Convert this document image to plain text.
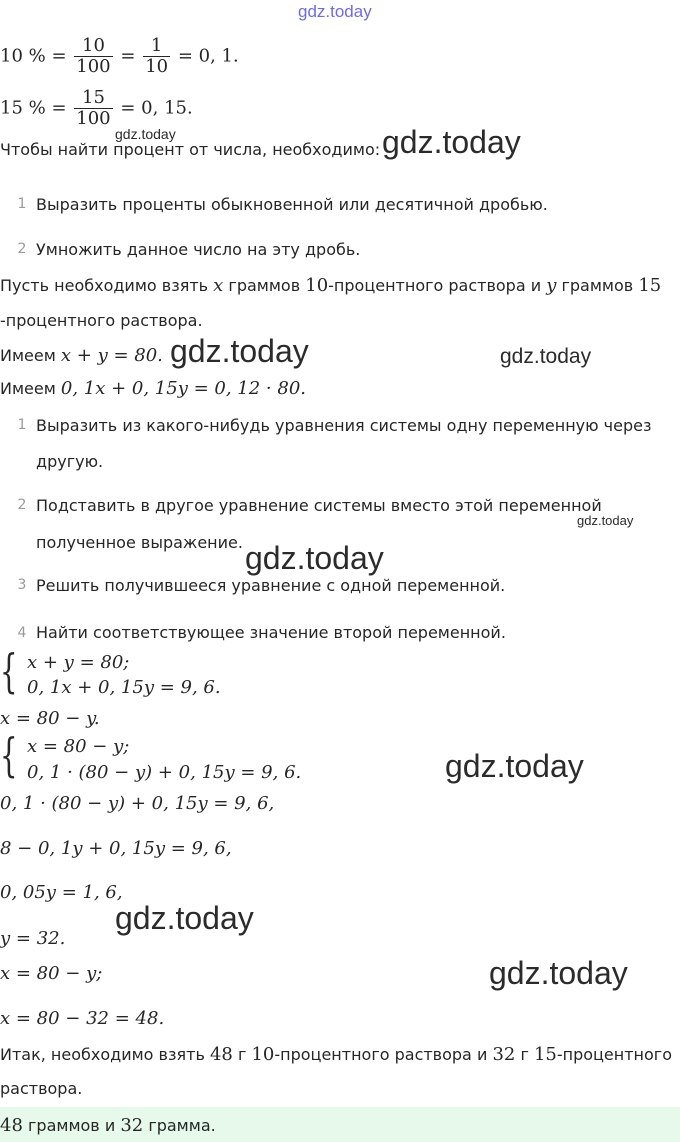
gdz.today
10 % = $\frac{10}{100} = \frac{1}{10} = 0$, 1.
15 % = $\frac{15}{100} = 0$, 15.
gdz.today
Чтобы найти процент от числа, необходимо: gdz.today
1 Выразить проценты обыкновенной или десятичной дробью.
2 Умножить данное число на эту дробь.
Пусть необходимо взять x граммов 10-процентного раствора и y граммов 15
-процентного раствора.
Имеем x + y = 80. gdz.today	gdz.today
Имеем 0, 1x + 0, 15y = 0, 12 · 80.
1 Выразить из какого-нибудь уравнения системы одну переменную через
другую.
2 Подставить в другое уравнение системы вместо этой переменной
gdz.today
полученное выражение. gdz.today
3 Решить получившееся уравнение с одной переменной.
4 Найти соответствующее значение второй переменной.
{ x + y = 80;
0, 1x + 0, 15y = 9, 6.
x = 80 − y.
{ x = 80 − y;
0, 1 · (80 − y) + 0, 15y = 9, 6.	gdz.today
0, 1 · (80 − y) + 0, 15y = 9, 6,
8 − 0, 1y + 0, 15y = 9, 6,
0, 05y = 1, 6,
gdz.today
y = 32.
x = 80 − y;	gdz.today
x = 80 − 32 = 48.
Итак, необходимо взять 48 г 10-процентного раствора и 32 г 15-процентного
раствора.
48 граммов и 32 грамма.
